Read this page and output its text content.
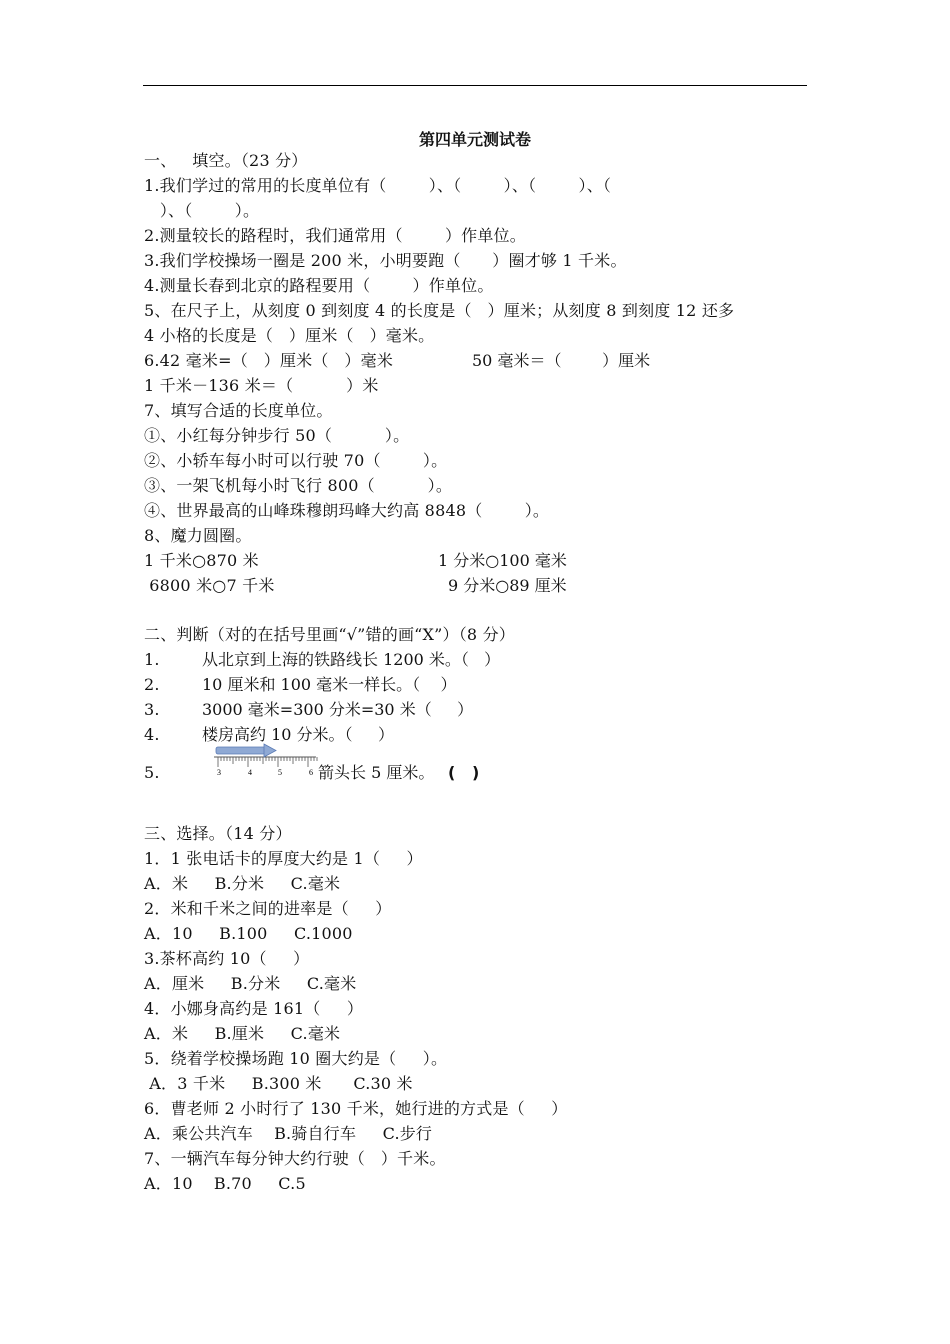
第四单元测试卷
一、   填空。（23 分）
1.我们学过的常用的长度单位有（        ）、（        ）、（        ）、（
）、（        ）。
2.测量较长的路程时，我们通常用（        ）作单位。
3.我们学校操场一圈是 200 米，小明要跑（      ）圈才够 1 千米。
4.测量长春到北京的路程要用（        ）作单位。
5、在尺子上，从刻度 0 到刻度 4 的长度是（   ）厘米；从刻度 8 到刻度 12 还多
4 小格的长度是（   ）厘米（   ）毫米。
6.42 毫米=（   ）厘米（   ）毫米	50 毫米＝（        ）厘米
1 千米－136 米＝（          ）米
7、填写合适的长度单位。
①、小红每分钟步行 50（          ）。
②、小轿车每小时可以行驶 70（        ）。
③、一架飞机每小时飞行 800（          ）。
④、世界最高的山峰珠穆朗玛峰大约高 8848（        ）。
8、魔力圆圈。
1 千米○870 米	1 分米○100 毫米
6800 米○7 千米	9 分米○89 厘米
二、判断（对的在括号里画“√”错的画“X”）（8 分）
1.	从北京到上海的铁路线长 1200 米。（   ）
2.	10 厘米和 100 毫米一样长。（    ）
3.	3000 毫米=300 分米=30 米（     ）
4.	楼房高约 10 分米。（     ）
3	4	5	6
5.	箭头长 5 厘米。 (   )
三、选择。（14 分）
1．1 张电话卡的厚度大约是 1（     ）
A．米     B.分米     C.毫米
2．米和千米之间的进率是（     ）
A．10     B.100     C.1000
3.茶杯高约 10（     ）
A．厘米     B.分米     C.毫米
4．小娜身高约是 161（     ）
A．米     B.厘米     C.毫米
5．绕着学校操场跑 10 圈大约是（     ）。
A．3 千米     B.300 米      C.30 米
6．曹老师 2 小时行了 130 千米，她行进的方式是（     ）
A．乘公共汽车    B.骑自行车     C.步行
7、一辆汽车每分钟大约行驶（   ）千米。
A．10    B.70     C.5
